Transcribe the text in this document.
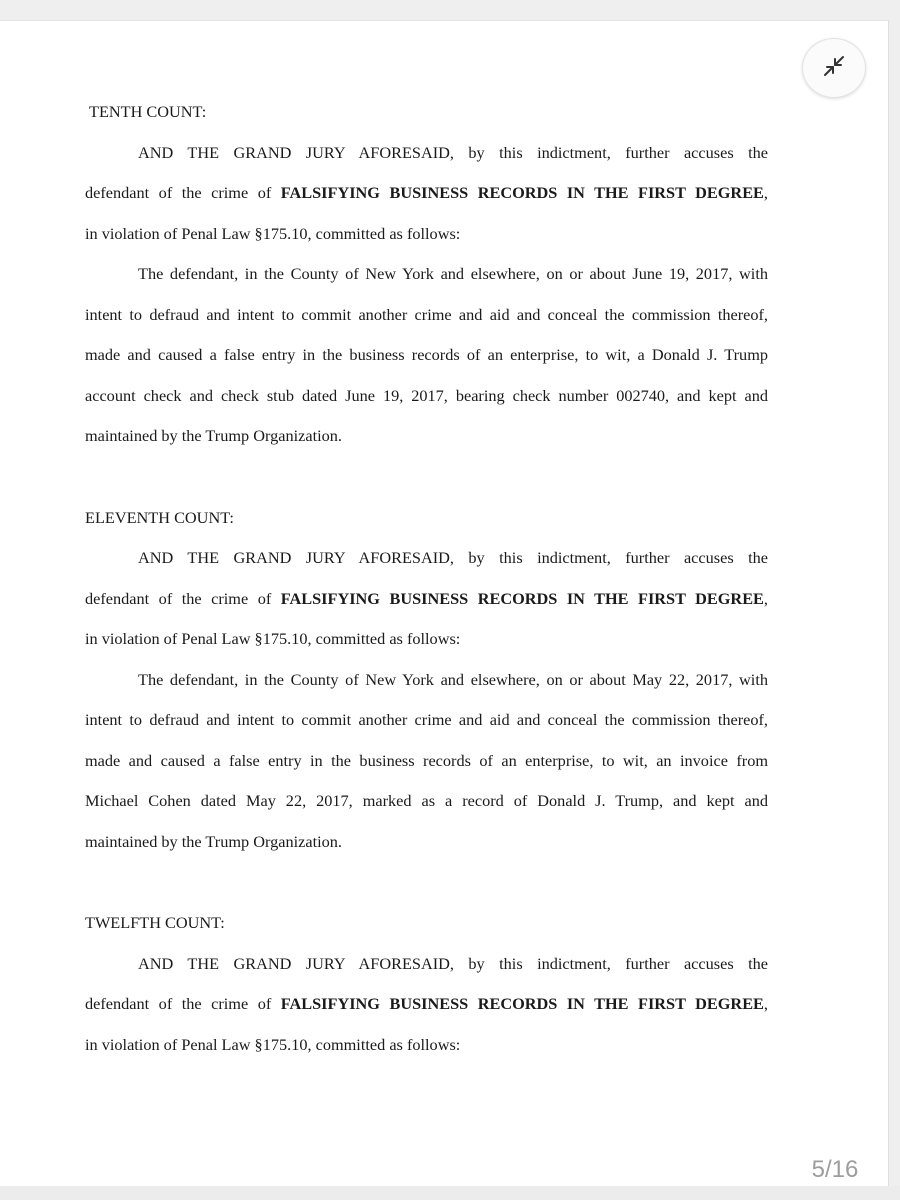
TENTH COUNT:
AND THE GRAND JURY AFORESAID, by this indictment, further accuses the
defendant of the crime of FALSIFYING BUSINESS RECORDS IN THE FIRST DEGREE,
in violation of Penal Law §175.10, committed as follows:
The defendant, in the County of New York and elsewhere, on or about June 19, 2017, with
intent to defraud and intent to commit another crime and aid and conceal the commission thereof,
made and caused a false entry in the business records of an enterprise, to wit, a Donald J. Trump
account check and check stub dated June 19, 2017, bearing check number 002740, and kept and
maintained by the Trump Organization.
ELEVENTH COUNT:
AND THE GRAND JURY AFORESAID, by this indictment, further accuses the
defendant of the crime of FALSIFYING BUSINESS RECORDS IN THE FIRST DEGREE,
in violation of Penal Law §175.10, committed as follows:
The defendant, in the County of New York and elsewhere, on or about May 22, 2017, with
intent to defraud and intent to commit another crime and aid and conceal the commission thereof,
made and caused a false entry in the business records of an enterprise, to wit, an invoice from
Michael Cohen dated May 22, 2017, marked as a record of Donald J. Trump, and kept and
maintained by the Trump Organization.
TWELFTH COUNT:
AND THE GRAND JURY AFORESAID, by this indictment, further accuses the
defendant of the crime of FALSIFYING BUSINESS RECORDS IN THE FIRST DEGREE,
in violation of Penal Law §175.10, committed as follows:
5/16
